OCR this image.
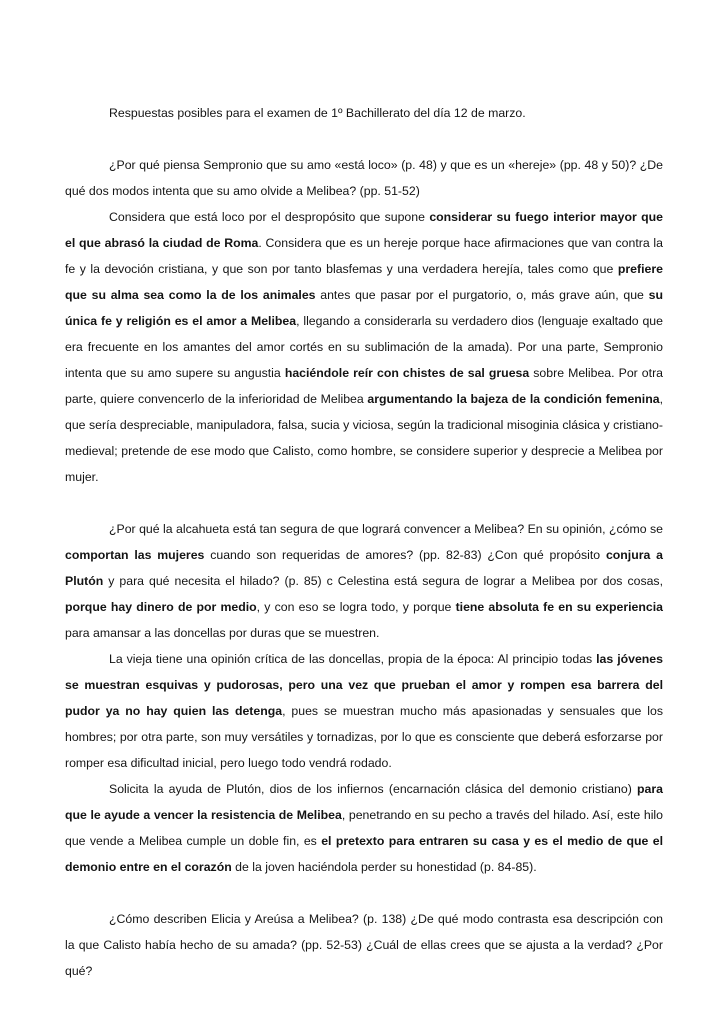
Respuestas posibles para el examen de 1º Bachillerato del día 12 de marzo.

¿Por qué piensa Sempronio que su amo «está loco» (p. 48) y que es un «hereje» (pp. 48 y 50)? ¿De qué dos modos intenta que su amo olvide a Melibea? (pp. 51-52)

Considera que está loco por el despropósito que supone considerar su fuego interior mayor que el que abrasó la ciudad de Roma. Considera que es un hereje porque hace afirmaciones que van contra la fe y la devoción cristiana, y que son por tanto blasfemas y una verdadera herejía, tales como que prefiere que su alma sea como la de los animales antes que pasar por el purgatorio, o, más grave aún, que su única fe y religión es el amor a Melibea, llegando a considerarla su verdadero dios (lenguaje exaltado que era frecuente en los amantes del amor cortés en su sublimación de la amada). Por una parte, Sempronio intenta que su amo supere su angustia haciéndole reír con chistes de sal gruesa sobre Melibea. Por otra parte, quiere convencerlo de la inferioridad de Melibea argumentando la bajeza de la condición femenina, que sería despreciable, manipuladora, falsa, sucia y viciosa, según la tradicional misoginia clásica y cristiano-medieval; pretende de ese modo que Calisto, como hombre, se considere superior y desprecie a Melibea por mujer.

¿Por qué la alcahueta está tan segura de que logrará convencer a Melibea? En su opinión, ¿cómo se comportan las mujeres cuando son requeridas de amores? (pp. 82-83) ¿Con qué propósito conjura a Plutón y para qué necesita el hilado? (p. 85) c Celestina está segura de lograr a Melibea por dos cosas, porque hay dinero de por medio, y con eso se logra todo, y porque tiene absoluta fe en su experiencia para amansar a las doncellas por duras que se muestren.

La vieja tiene una opinión crítica de las doncellas, propia de la época: Al principio todas las jóvenes se muestran esquivas y pudorosas, pero una vez que prueban el amor y rompen esa barrera del pudor ya no hay quien las detenga, pues se muestran mucho más apasionadas y sensuales que los hombres; por otra parte, son muy versátiles y tornadizas, por lo que es consciente que deberá esforzarse por romper esa dificultad inicial, pero luego todo vendrá rodado.

Solicita la ayuda de Plutón, dios de los infiernos (encarnación clásica del demonio cristiano) para que le ayude a vencer la resistencia de Melibea, penetrando en su pecho a través del hilado. Así, este hilo que vende a Melibea cumple un doble fin, es el pretexto para entraren su casa y es el medio de que el demonio entre en el corazón de la joven haciéndola perder su honestidad (p. 84-85).

¿Cómo describen Elicia y Areúsa a Melibea? (p. 138) ¿De qué modo contrasta esa descripción con la que Calisto había hecho de su amada? (pp. 52-53) ¿Cuál de ellas crees que se ajusta a la verdad? ¿Por qué?
